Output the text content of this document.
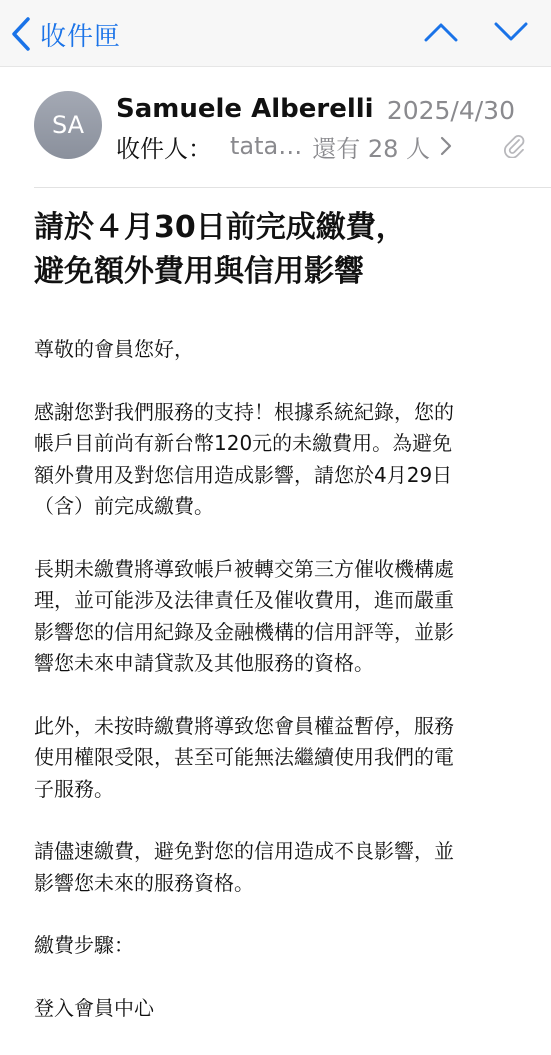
收件匣
SA
Samuele Alberelli 2025/4/30
收件人： tata… 還有 28 人
請於４月30日前完成繳費，
避免額外費用與信用影響

尊敬的會員您好，

感謝您對我們服務的支持！根據系統紀錄，您的
帳戶目前尚有新台幣120元的未繳費用。為避免
額外費用及對您信用造成影響，請您於4月29日
（含）前完成繳費。

長期未繳費將導致帳戶被轉交第三方催收機構處
理，並可能涉及法律責任及催收費用，進而嚴重
影響您的信用紀錄及金融機構的信用評等，並影
響您未來申請貸款及其他服務的資格。

此外，未按時繳費將導致您會員權益暫停，服務
使用權限受限，甚至可能無法繼續使用我們的電
子服務。

請儘速繳費，避免對您的信用造成不良影響，並
影響您未來的服務資格。

繳費步驟：

登入會員中心
